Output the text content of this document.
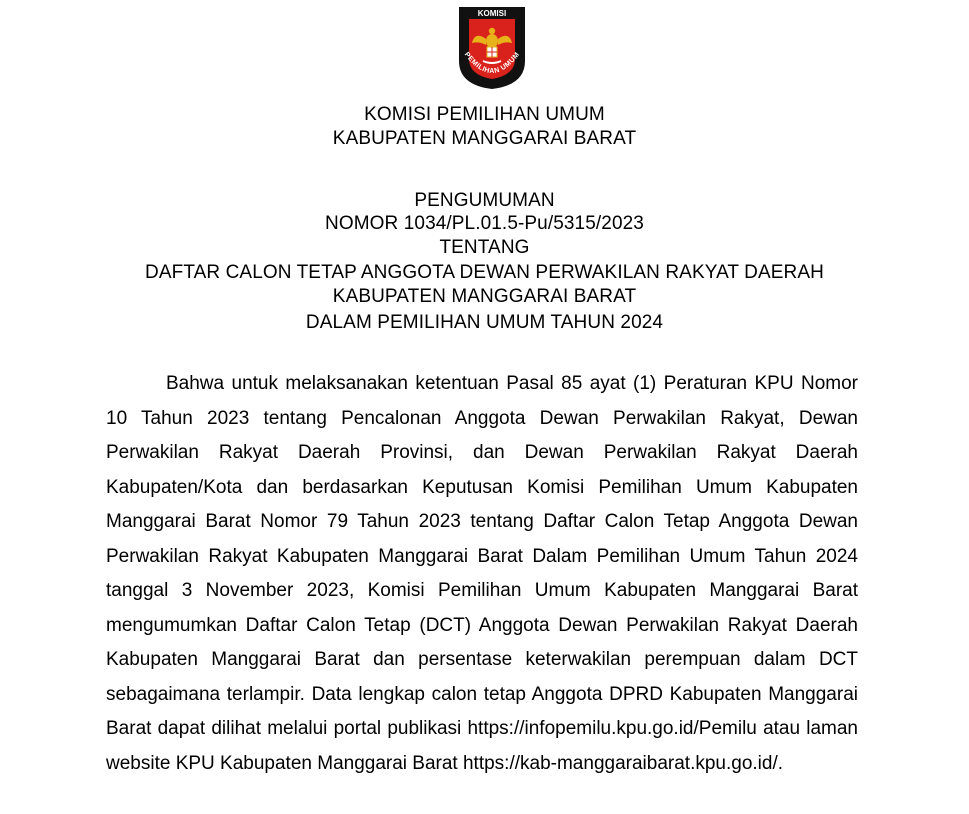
KOMISI
PEMILIHAN UMUM
KOMISI PEMILIHAN UMUM
KABUPATEN MANGGARAI BARAT
PENGUMUMAN
NOMOR 1034/PL.01.5-Pu/5315/2023
TENTANG
DAFTAR CALON TETAP ANGGOTA DEWAN PERWAKILAN RAKYAT DAERAH
KABUPATEN MANGGARAI BARAT
DALAM PEMILIHAN UMUM TAHUN 2024

Bahwa untuk melaksanakan ketentuan Pasal 85 ayat (1) Peraturan KPU Nomor 10 Tahun 2023 tentang Pencalonan Anggota Dewan Perwakilan Rakyat, Dewan Perwakilan Rakyat Daerah Provinsi, dan Dewan Perwakilan Rakyat Daerah Kabupaten/Kota dan berdasarkan Keputusan Komisi Pemilihan Umum Kabupaten Manggarai Barat Nomor 79 Tahun 2023 tentang Daftar Calon Tetap Anggota Dewan Perwakilan Rakyat Kabupaten Manggarai Barat Dalam Pemilihan Umum Tahun 2024 tanggal 3 November 2023, Komisi Pemilihan Umum Kabupaten Manggarai Barat mengumumkan Daftar Calon Tetap (DCT) Anggota Dewan Perwakilan Rakyat Daerah Kabupaten Manggarai Barat dan persentase keterwakilan perempuan dalam DCT sebagaimana terlampir. Data lengkap calon tetap Anggota DPRD Kabupaten Manggarai Barat dapat dilihat melalui portal publikasi https://infopemilu.kpu.go.id/Pemilu atau laman website KPU Kabupaten Manggarai Barat https://kab-manggaraibarat.kpu.go.id/.
